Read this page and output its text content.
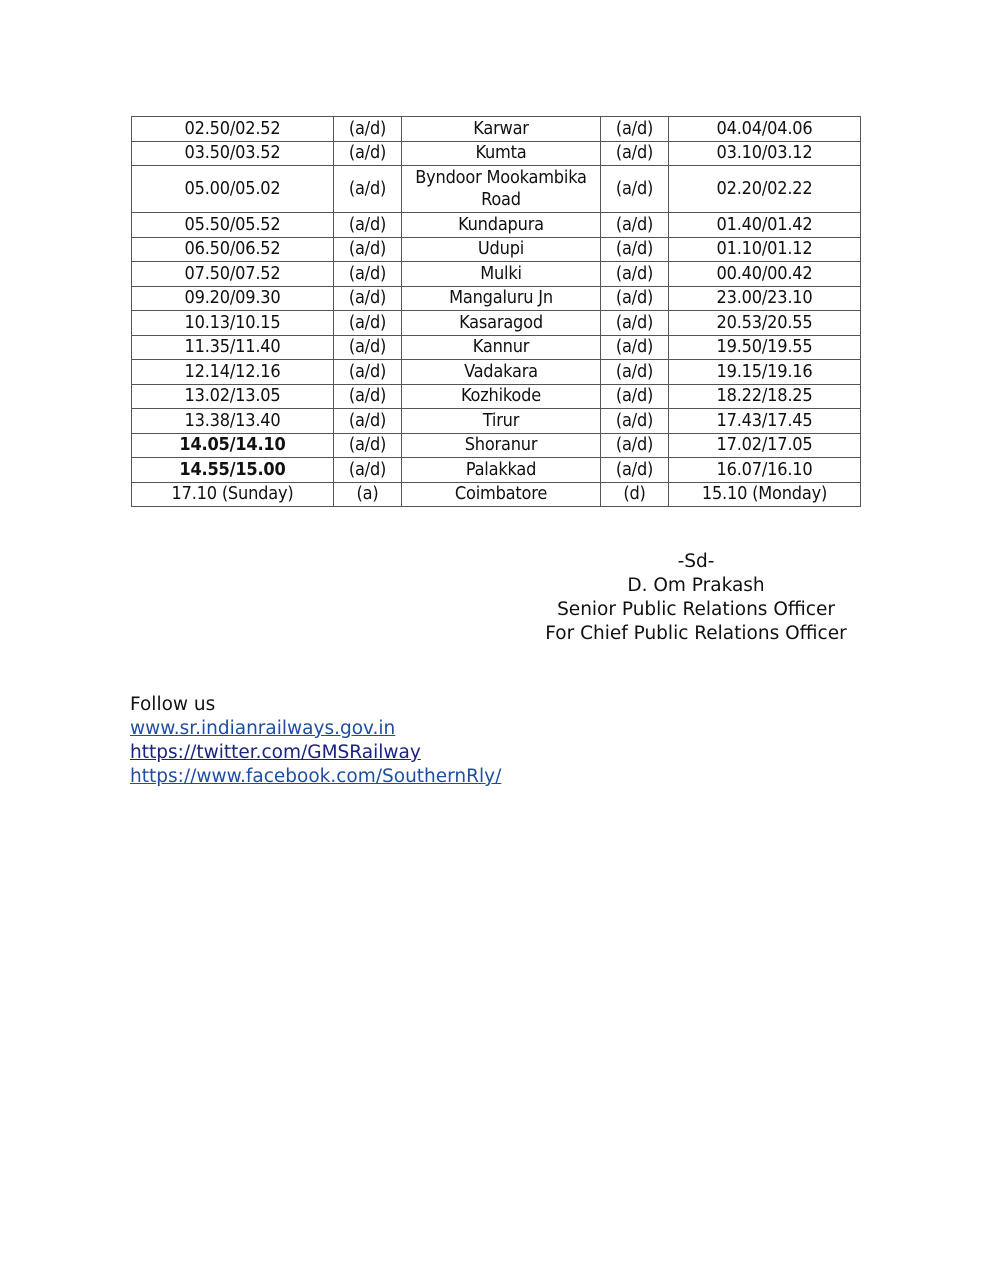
02.50/02.52	(a/d)	Karwar	(a/d)	04.04/04.06
03.50/03.52	(a/d)	Kumta	(a/d)	03.10/03.12
05.00/05.02	(a/d)	Byndoor Mookambika Road	(a/d)	02.20/02.22
05.50/05.52	(a/d)	Kundapura	(a/d)	01.40/01.42
06.50/06.52	(a/d)	Udupi	(a/d)	01.10/01.12
07.50/07.52	(a/d)	Mulki	(a/d)	00.40/00.42
09.20/09.30	(a/d)	Mangaluru Jn	(a/d)	23.00/23.10
10.13/10.15	(a/d)	Kasaragod	(a/d)	20.53/20.55
11.35/11.40	(a/d)	Kannur	(a/d)	19.50/19.55
12.14/12.16	(a/d)	Vadakara	(a/d)	19.15/19.16
13.02/13.05	(a/d)	Kozhikode	(a/d)	18.22/18.25
13.38/13.40	(a/d)	Tirur	(a/d)	17.43/17.45
14.05/14.10	(a/d)	Shoranur	(a/d)	17.02/17.05
14.55/15.00	(a/d)	Palakkad	(a/d)	16.07/16.10
17.10 (Sunday)	(a)	Coimbatore	(d)	15.10 (Monday)
-Sd-
D. Om Prakash
Senior Public Relations Officer
For Chief Public Relations Officer
Follow us
www.sr.indianrailways.gov.in
https://twitter.com/GMSRailway
https://www.facebook.com/SouthernRly/
